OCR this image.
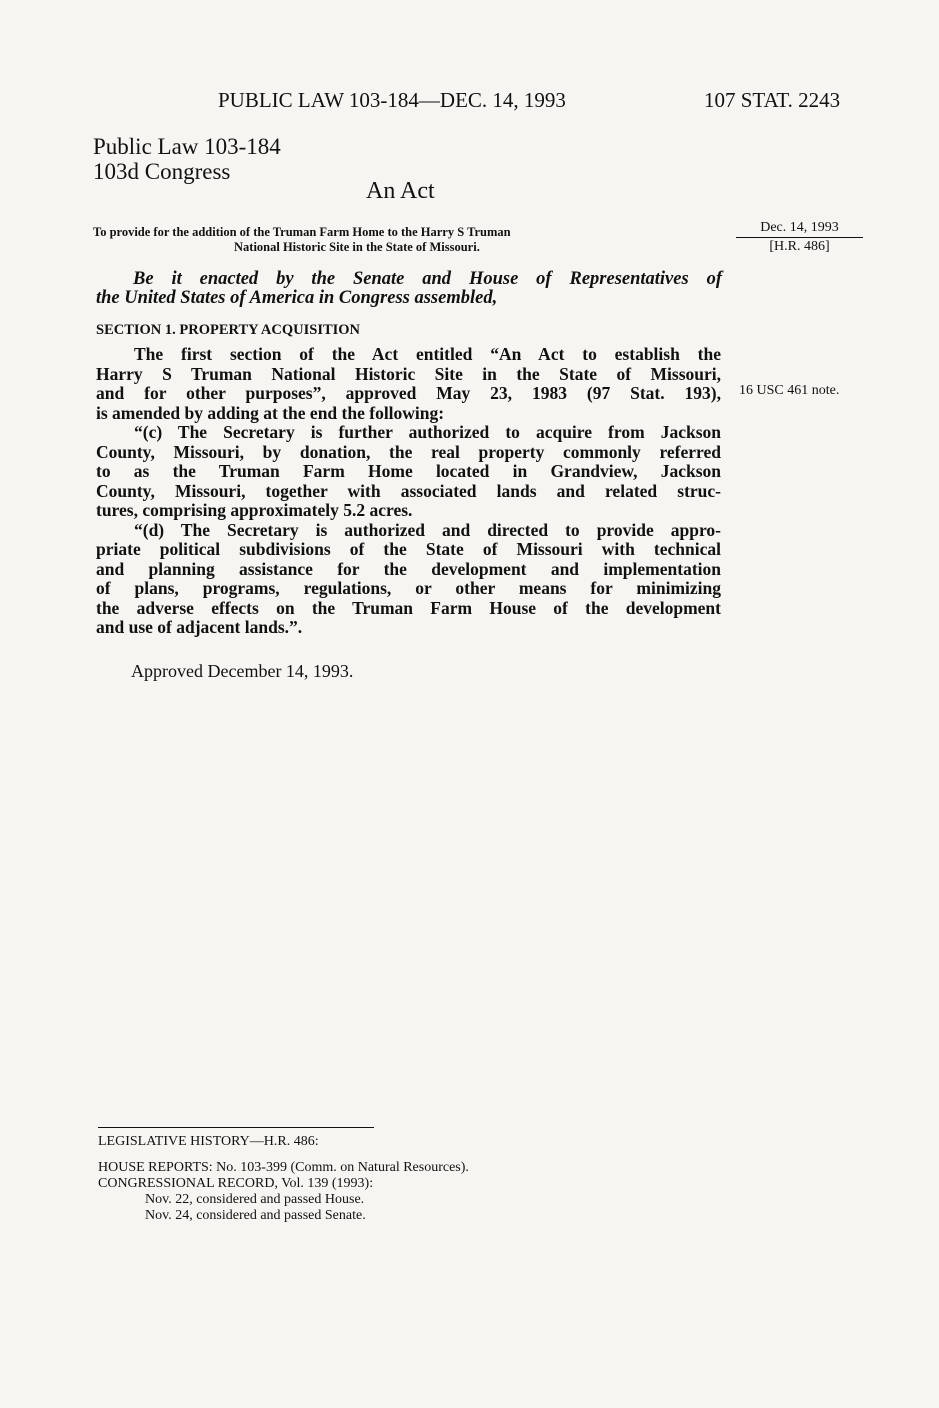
PUBLIC LAW 103-184—DEC. 14, 1993	107 STAT. 2243
Public Law 103-184
103d Congress
An Act
To provide for the addition of the Truman Farm Home to the Harry S Truman
National Historic Site in the State of Missouri.
Dec. 14, 1993
[H.R. 486]
Be it enacted by the Senate and House of Representatives of
the United States of America in Congress assembled,
SECTION 1. PROPERTY ACQUISITION
The first section of the Act entitled “An Act to establish the
Harry S Truman National Historic Site in the State of Missouri,
and for other purposes”, approved May 23, 1983 (97 Stat. 193),
is amended by adding at the end the following:
“(c) The Secretary is further authorized to acquire from Jackson
County, Missouri, by donation, the real property commonly referred
to as the Truman Farm Home located in Grandview, Jackson
County, Missouri, together with associated lands and related struc-
tures, comprising approximately 5.2 acres.
“(d) The Secretary is authorized and directed to provide appro-
priate political subdivisions of the State of Missouri with technical
and planning assistance for the development and implementation
of plans, programs, regulations, or other means for minimizing
the adverse effects on the Truman Farm House of the development
and use of adjacent lands.”.
16 USC 461 note.
Approved December 14, 1993.
LEGISLATIVE HISTORY—H.R. 486:
HOUSE REPORTS: No. 103-399 (Comm. on Natural Resources).
CONGRESSIONAL RECORD, Vol. 139 (1993):
Nov. 22, considered and passed House.
Nov. 24, considered and passed Senate.
